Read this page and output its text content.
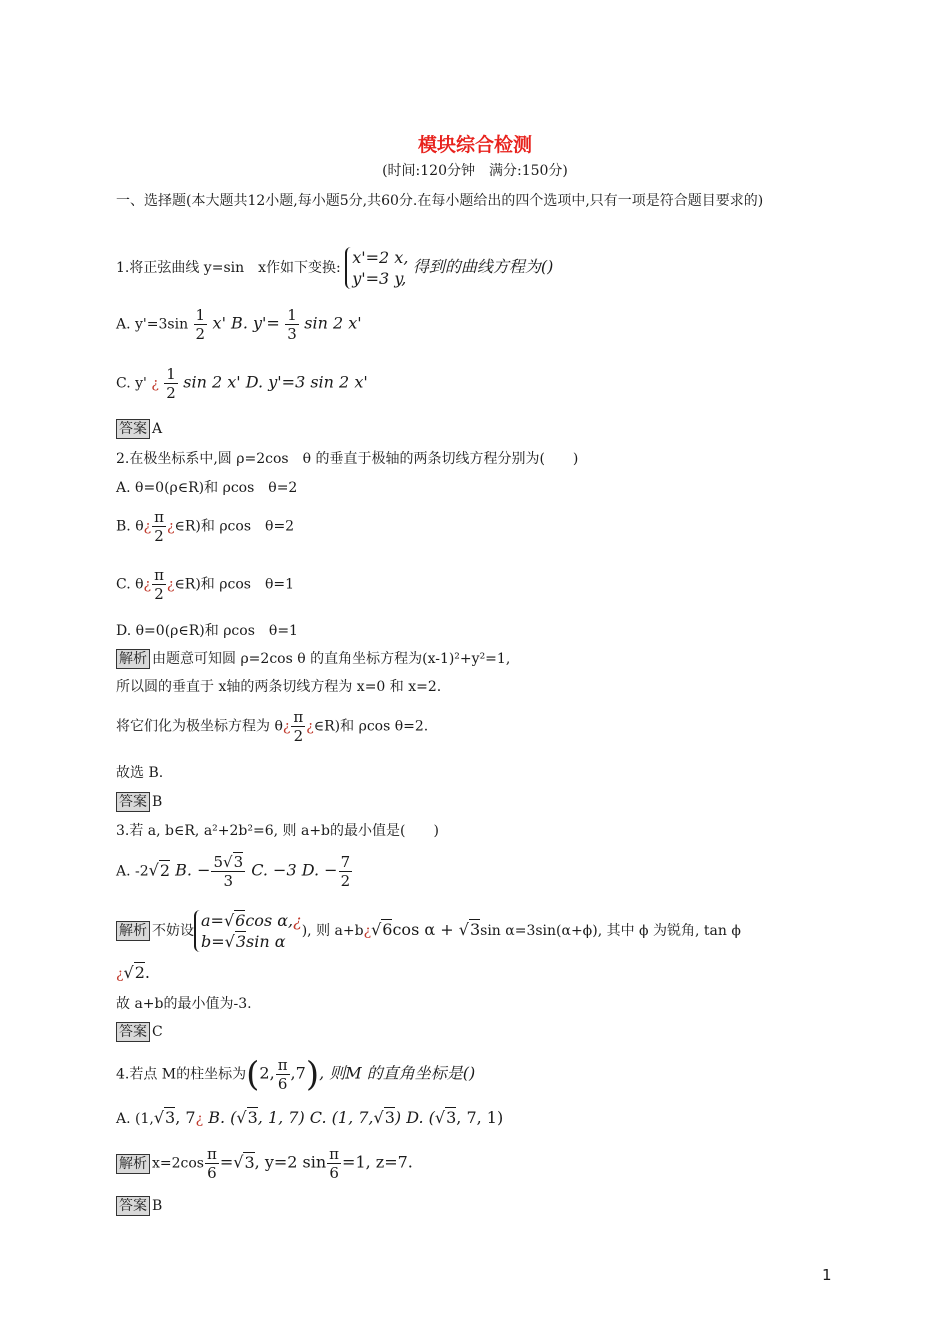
模块综合检测
(时间:120分钟　满分:150分)
一、选择题(本大题共12小题,每小题5分,共60分.在每小题给出的四个选项中,只有一项是符合题目要求的)
1.将正弦曲线 y=sin　x作如下变换:
x'=2 x,
y'=3 y,
得到的曲线方程为()
A. $y'=3\sin \frac{1}{2} x'$ B. $y'= \frac{1}{3}$ sin 2 x'
C. y' ¿ $\frac{1}{2}$ sin 2 x' D. y'=3 sin 2 x'
答案 A
2.在极坐标系中,圆 ρ=2cos　θ 的垂直于极轴的两条切线方程分别为(　　)
A. θ=0(ρ∈R)和 ρcos　θ=2
B. θ¿ $\frac{\pi}{2}$ ¿∈R)和 ρcos　θ=2
C. θ¿ $\frac{\pi}{2}$ ¿∈R)和 ρcos　θ=1
D. θ=0(ρ∈R)和 ρcos　θ=1
解析 由题意可知圆 ρ=2cos θ 的直角坐标方程为(x-1)²+y²=1,
所以圆的垂直于 x轴的两条切线方程为 x=0 和 x=2.
将它们化为极坐标方程为 θ¿ $\frac{\pi}{2}$ ¿∈R)和 ρcos θ=2.
故选 B.
答案 B
3.若 a, b∈R, a²+2b²=6, 则 a+b的最小值是(　　)
A. -2√2 B. − $\frac{5√3}{3} C$. −3 D. − $\frac{7}{2}$
解析 不妨设
a=√6cos α,¿
b=√3sin α
), 则 a+b¿√6cos α + √3sin α=3sin(α+ϕ), 其中 ϕ 为锐角, tan ϕ
¿√2.
故 a+b的最小值为-3.
答案 C
4.若点 M的柱坐标为(2, $\frac{\pi}{6} ,7$), 则M 的直角坐标是()
A. (1,√3, 7¿ B. (√3, 1, 7) C. (1, 7,√3) D. (√3, 7, 1)
解析 $x=2\cos \frac{\pi}{6} =√3$, y=2 $\sin \frac{\pi}{6} =1$, z=7.
答案 B
1
